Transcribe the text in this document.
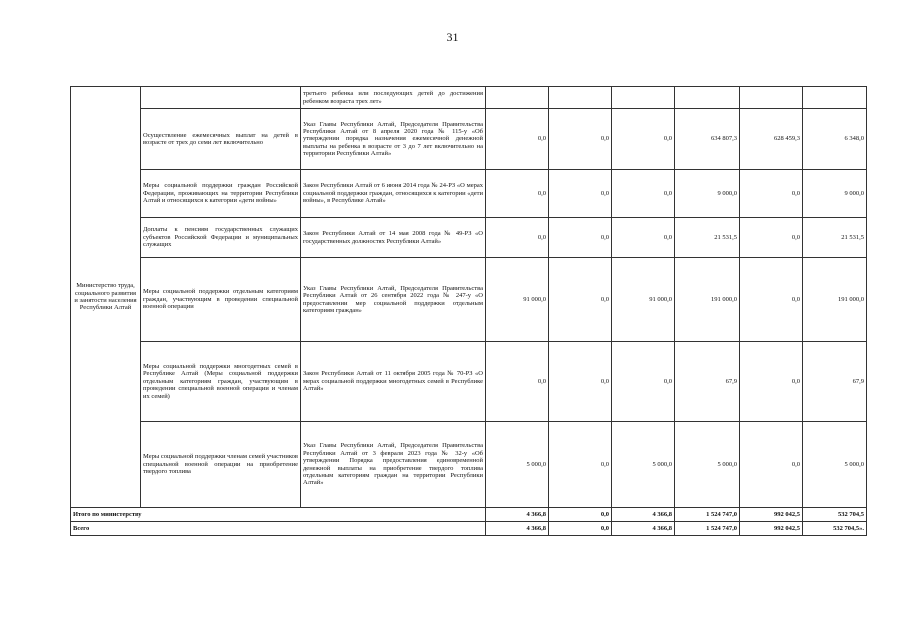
31
Министерство труда, социального развития и занятости населения Республики Алтай		третьего ребенка или последующих детей до достижения ребенком возраста трех лет»						
	Осуществление ежемесячных выплат на детей в возрасте от трех до семи лет включительно	Указ Главы Республики Алтай, Председателя Правительства Республики Алтай от 8 апреля 2020 года № 115-у «Об утверждении порядка назначения ежемесячной денежной выплаты на ребенка в возрасте от 3 до 7 лет включительно на территории Республики Алтай»	0,0	0,0	0,0	634 807,3	628 459,3	6 348,0
	Меры социальной поддержки граждан Российской Федерации, проживающих на территории Республики Алтай и относящихся к категории «дети войны»	Закон Республики Алтай от 6 июня 2014 года № 24-РЗ «О мерах социальной поддержки граждан, относящихся к категории «дети войны», в Республике Алтай»	0,0	0,0	0,0	9 000,0	0,0	9 000,0
	Доплаты к пенсиям государственных служащих субъектов Российской Федерации и муниципальных служащих	Закон Республики Алтай от 14 мая 2008 года № 49-РЗ «О государственных должностях Республики Алтай»	0,0	0,0	0,0	21 531,5	0,0	21 531,5
	Меры социальной поддержки отдельным категориям граждан, участвующим в проведении специальной военной операции	Указ Главы Республики Алтай, Председателя Правительства Республики Алтай от 26 сентября 2022 года № 247-у «О предоставлении мер социальной поддержки отдельным категориям граждан»	91 000,0	0,0	91 000,0	191 000,0	0,0	191 000,0
	Меры социальной поддержки многодетных семей в Республике Алтай (Меры социальной поддержки отдельным категориям граждан, участвующим в проведении специальной военной операции и членам их семей)	Закон Республики Алтай от 11 октября 2005 года № 70-РЗ «О мерах социальной поддержки многодетных семей в Республике Алтай»	0,0	0,0	0,0	67,9	0,0	67,9
	Меры социальной поддержки членам семей участников специальной военной операции на приобретение твердого топлива	Указ Главы Республики Алтай, Председателя Правительства Республики Алтай от 3 февраля 2023 года № 32-у «Об утверждении Порядка предоставления единовременной денежной выплаты на приобретение твердого топлива отдельным категориям граждан на территории Республики Алтай»	5 000,0	0,0	5 000,0	5 000,0	0,0	5 000,0
Итого по министерству			4 366,8	0,0	4 366,8	1 524 747,0	992 042,5	532 704,5
Всего			4 366,8	0,0	4 366,8	1 524 747,0	992 042,5	532 704,5».
